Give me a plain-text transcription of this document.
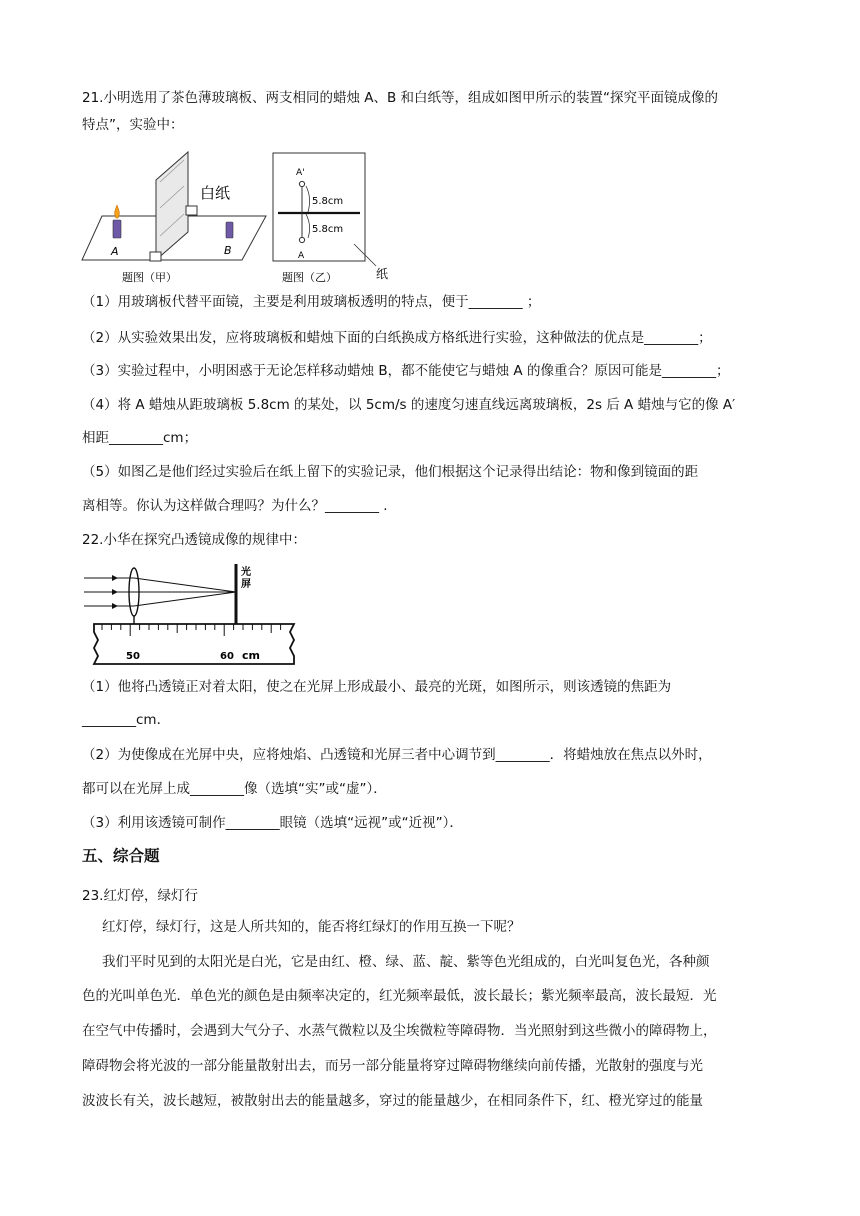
21.小明选用了茶色薄玻璃板、两支相同的蜡烛 A、B 和白纸等，组成如图甲所示的装置“探究平面镜成像的
特点”，实验中：
白纸
A	B
题图（甲）
A'
5.8cm
5.8cm
A
纸
题图（乙）
（1）用玻璃板代替平面镜，主要是利用玻璃板透明的特点，便于________ ；
（2）从实验效果出发，应将玻璃板和蜡烛下面的白纸换成方格纸进行实验，这种做法的优点是________；
（3）实验过程中，小明困惑于无论怎样移动蜡烛 B，都不能使它与蜡烛 A 的像重合？原因可能是________；
（4）将 A 蜡烛从距玻璃板 5.8cm 的某处，以 5cm/s 的速度匀速直线远离玻璃板，2s 后 A 蜡烛与它的像 A′
相距________cm；
（5）如图乙是他们经过实验后在纸上留下的实验记录，他们根据这个记录得出结论：物和像到镜面的距
离相等。你认为这样做合理吗？为什么？________ .
22.小华在探究凸透镜成像的规律中：
光
屏
50	60 cm
（1）他将凸透镜正对着太阳，使之在光屏上形成最小、最亮的光斑，如图所示，则该透镜的焦距为
________cm．
（2）为使像成在光屏中央，应将烛焰、凸透镜和光屏三者中心调节到________．将蜡烛放在焦点以外时，
都可以在光屏上成________像（选填“实”或“虚”）．
（3）利用该透镜可制作________眼镜（选填“远视”或“近视”）．
五、综合题
23.红灯停，绿灯行
红灯停，绿灯行，这是人所共知的，能否将红绿灯的作用互换一下呢？
我们平时见到的太阳光是白光，它是由红、橙、绿、蓝、靛、紫等色光组成的，白光叫复色光，各种颜
色的光叫单色光．单色光的颜色是由频率决定的，红光频率最低，波长最长；紫光频率最高，波长最短．光
在空气中传播时，会遇到大气分子、水蒸气微粒以及尘埃微粒等障碍物．当光照射到这些微小的障碍物上，
障碍物会将光波的一部分能量散射出去，而另一部分能量将穿过障碍物继续向前传播，光散射的强度与光
波波长有关，波长越短，被散射出去的能量越多，穿过的能量越少，在相同条件下，红、橙光穿过的能量
